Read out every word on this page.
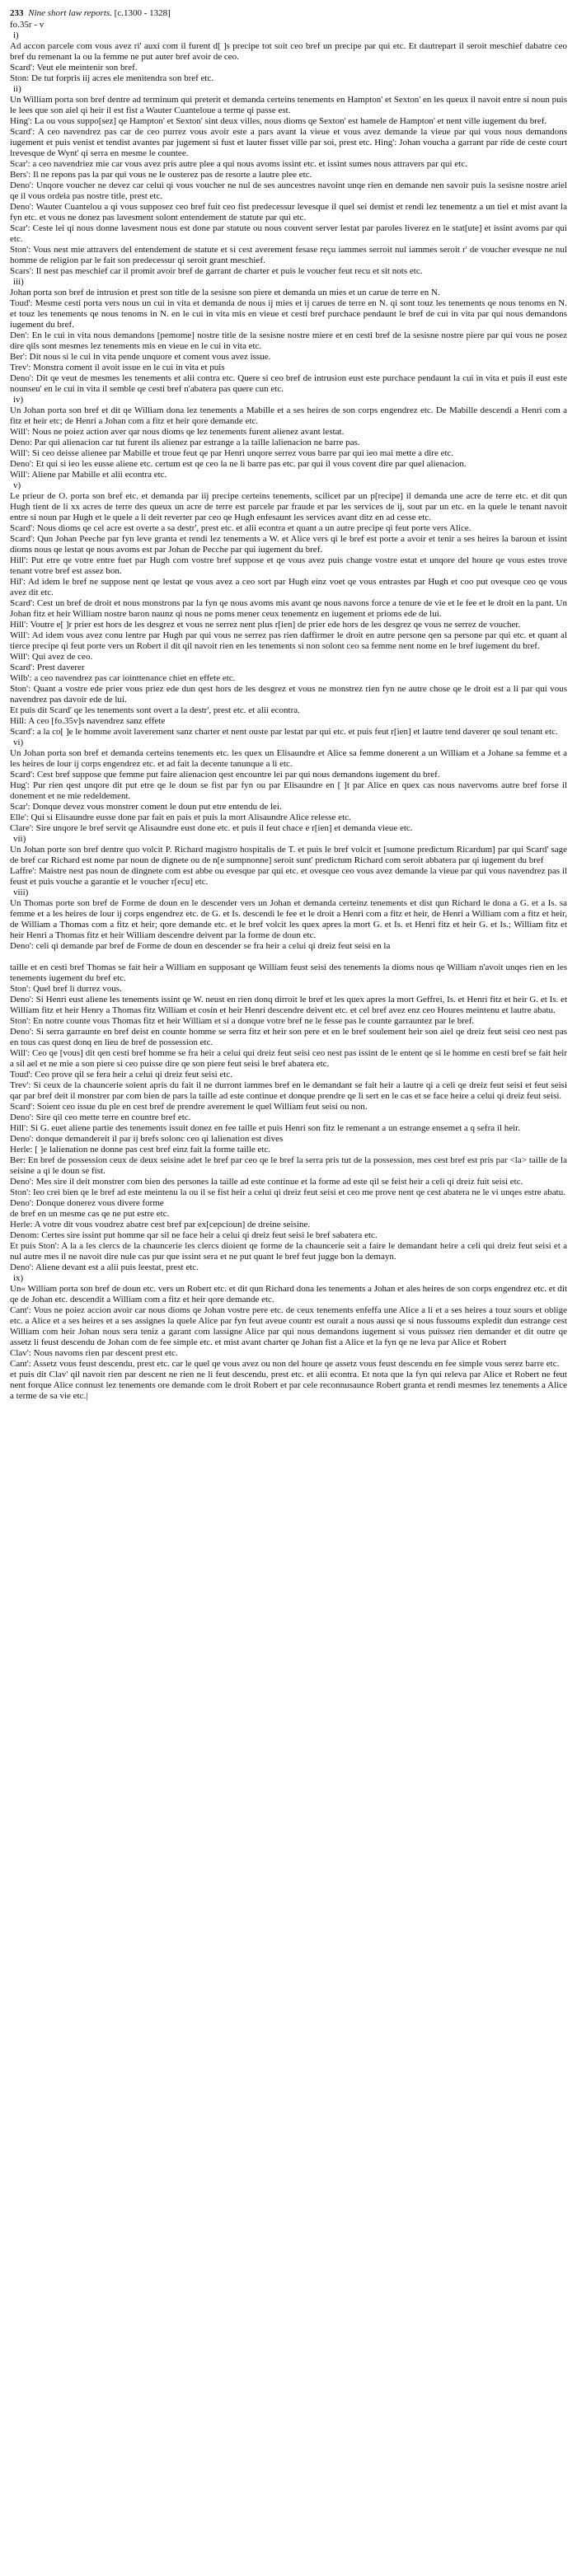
233 Nine short law reports. [c.1300 - 1328]
fo.35r - v
i)

Ad accon parcele com vous avez ri' auxi com il furent d[ ]s precipe tot soit ceo bref un precipe par qui etc. Et dautrepart il seroit meschief dabatre ceo bref du remenant la ou la femme ne put auter bref avoir de ceo.

Scard': Veut ele meintenir son bref.

Ston: De tut forpris iij acres ele menitendra son bref etc.

ii)

Un William porta son bref dentre ad terminum qui preterit et demanda certeins tenements en Hampton' et Sexton' en les queux il navoit entre si noun puis le lees que son aiel qi heir il est fist a Wauter Cuanteloue a terme qi passe est.

Hing': La ou vous suppo[sez] qe Hampton' et Sexton' sint deux villes, nous dioms qe Sexton' est hamele de Hampton' et nent ville iugement du bref.

Scard': A ceo navendrez pas car de ceo purrez vous avoir este a pars avant la vieue et vous avez demande la vieue par qui vous nous demandons iugement et puis venist et tendist avantes par jugement si fust et lauter fisset ville par soi, prest etc. Hing': Johan voucha a garrant par ride de ceste court lrevesque de Wynt' qi serra en mesme le countee.

Scar': a ceo navendriez mie car vous avez pris autre plee a qui nous avoms issint etc. et issint sumes nous attravers par qui etc.

Bers': Il ne repons pas la par qui vous ne le ousterez pas de resorte a lautre plee etc.

Deno': Unqore voucher ne devez car celui qi vous voucher ne nul de ses auncestres navoint unqe rien en demande nen savoir puis la sesisne nostre ariel qe il vous ordeia pas nostre title, prest etc.

Deno': Wauter Cuantelou a qi vous supposez ceo bref fuit ceo fist predecessur levesque il quel sei demist et rendi lez tenementz a un tiel et mist avant la fyn etc. et vous ne donez pas lavesment solont entendement de statute par qui etc.

Scar': Ceste lei qi nous donne lavesment nous est done par statute ou nous couvent server lestat par paroles liverez en le stat[ute] et issint avoms par qui etc.

Ston': Vous nest mie attravers del entendement de statute et si cest averement fesase reçu iammes serroit nul iammes seroit r' de voucher evesque ne nul homme de religion par le fait son predecessur qi seroit grant meschief.

Scars': Il nest pas meschief car il promit avoir bref de garrant de charter et puis le voucher feut recu et sit nots etc.

iii)

Johan porta son bref de intrusion et prest son title de la sesisne son piere et demanda un mies et un carue de terre en N.

Toud': Mesme cesti porta vers nous un cui in vita et demanda de nous ij mies et ij carues de terre en N. qi sont touz les tenements qe nous tenoms en N. et touz les tenements qe nous tenoms in N. en le cui in vita mis en vieue et cesti bref purchace pendaunt le bref de cui in vita par qui nous demandons iugement du bref.

Den': En le cui in vita nous demandons [pemome] nostre title de la sesisne nostre miere et en cesti bref de la sesisne nostre piere par qui vous ne posez dire qils sont mesmes lez tenements mis en vieue en le cui in vita etc.

Ber': Dit nous si le cui in vita pende unquore et coment vous avez issue.

Trev': Monstra coment il avoit issue en le cui in vita et puis

Deno': Dit qe veut de mesmes les tenements et alii contra etc. Quere si ceo bref de intrusion eust este purchace pendaunt la cui in vita et puis il eust este nounseu' en le cui in vita il semble qe cesti bref n'abatera pas quere cun etc.

iv)

Un Johan porta son bref et dit qe William dona lez tenements a Mabille et a ses heires de son corps engendrez etc. De Mabille descendi a Henri com a fitz et heir etc; de Henri a Johan com a fitz et heir qore demande etc.

Will': Nous ne poiez action aver qar nous dioms qe lez tenements furent alienez avant lestat.

Deno: Par qui alienacion car tut furent ils alienez par estrange a la taille lalienacion ne barre pas.

Will': Si ceo deisse alienee par Mabille et troue feut qe par Henri unqore serrez vous barre par qui ieo mai mette a dire etc.

Deno': Et qui si ieo les eusse aliene etc. certum est qe ceo la ne li barre pas etc. par qui il vous covent dire par quel alienacion.

Will': Aliene par Mabille et alii econtra etc.

v)

Le prieur de O. porta son bref etc. et demanda par iij precipe certeins tenements, scilicet par un p[recipe] il demanda une acre de terre etc. et dit qun Hugh tient de li xx acres de terre des queux un acre de terre est parcele par fraude et par les services de ij, sout par un etc. en la quele le tenant navoit entre si noun par Hugh et le quele a li deit reverter par ceo qe Hugh enfesaunt les services avant ditz en ad cesse etc.

Scard': Nous dioms qe cel acre est overte a sa destr', prest etc. et alii econtra et quant a un autre precipe qi feut porte vers Alice.

Scard': Qun Johan Peeche par fyn leve granta et rendi lez tenements a W. et Alice vers qi le bref est porte a avoir et tenir a ses heires la baroun et issint dioms nous qe lestat qe nous avoms est par Johan de Pecche par qui iugement du bref.

Hill': Put etre qe votre entre fuet par Hugh com vostre bref suppose et qe vous avez puis change vostre estat et unqore del houre qe vous estes trove tenant votre bref est assez bon.

Hil': Ad idem le bref ne suppose nent qe lestat qe vous avez a ceo sort par Hugh einz voet qe vous entrastes par Hugh et coo put ovesque ceo qe vous avez dit etc.

Scard': Cest un bref de droit et nous monstrons par la fyn qe nous avoms mis avant qe nous navons force a tenure de vie et le fee et le droit en la pant. Un Johan fitz et heir William nostre baron naunz qi nous ne poms mener ceux tenementz en iugement et prioms ede de lui.

Hill': Voutre e[ ]r prier est hors de les desgrez et vous ne serrez nent plus r[ien] de prier ede hors de les desgrez qe vous ne serrez de voucher.

Will': Ad idem vous avez conu lentre par Hugh par qui vous ne serrez pas rien daffirmer le droit en autre persone qen sa persone par qui etc. et quant al tierce precipe qi feut porte vers un Robert il dit qil navoit rien en les tenements si non solont ceo sa femme nent nome en le bref iugement du bref.

Will': Qui avez de ceo.

Scard': Prest daverer

Wilb': a ceo navendrez pas car iointtenance chiet en effete etc.

Ston': Quant a vostre ede prier vous priez ede dun qest hors de les desgrez et vous ne monstrez rien fyn ne autre chose qe le droit est a li par qui vous navendrez pas davoir ede de lui.

Et puis dit Scard' qe les tenements sont overt a la destr', prest etc. et alii econtra.

Hill: A ceo [fo.35v]s navendrez sanz effete

Scard': a la co[ ]e le homme avoit laverement sanz charter et nent ouste par lestat par qui etc. et puis feut r[ien] et lautre tend daverer qe soul tenant etc.

vi)

Un Johan porta son bref et demanda certeins tenements etc. les quex un Elisaundre et Alice sa femme donerent a un William et a Johane sa femme et a les heires de lour ij corps engendrez etc. et ad fait la decente tanunque a li etc.

Scard': Cest bref suppose que femme put faire alienacion qest encountre lei par qui nous demandons iugement du bref.

Hug': Pur rien qest unqore dit put etre qe le doun se fist par fyn ou par Elisaundre en [ ]t par Alice en quex cas nous navervoms autre bref forse il donement et ne mie redeldement.

Scar': Donque devez vous monstrer coment le doun put etre entendu de lei.

Elle': Qui si Elisaundre eusse done par fait en pais et puis la mort Alisaundre Alice relesse etc.

Clare': Sire unqore le bref servit qe Alisaundre eust done etc. et puis il feut chace e r[ien] et demanda vieue etc.

vii)

Un Johan porte son bref dentre quo volcit P. Richard magistro hospitalis de T. et puis le bref volcit et [sumone predictum Ricardum] par qui Scard' sage de bref car Richard est nome par noun de dignete ou de n[e sumpnonne] seroit sunt' predictum Richard com seroit abbatera par qi iugement du bref

Laffre': Maistre nest pas noun de dingnete com est abbe ou evesque par qui etc. et ovesque ceo vous avez demande la vieue par qui vous navendrez pas il feust et puis vouche a garantie et le voucher r[ecu] etc.

viii)

Un Thomas porte son bref de Forme de doun en le descender vers un Johan et demanda certeinz tenements et dist qun Richard le dona a G. et a Is. sa femme et a les heires de lour ij corps engendrez etc. de G. et Is. descendi le fee et le droit a Henri com a fitz et heir, de Henri a William com a fitz et heir, de William a Thomas com a fitz et heir; qore demande etc. et le bref volcit les quex apres la mort G. et Is. et Henri fitz et heir G. et Is.; William fitz et heir Henri a Thomas fitz et heir William descendre deivent par la forme de doun etc.

Deno': celi qi demande par bref de Forme de doun en descender se fra heir a celui qi dreiz feut seisi en la

taille et en cesti bref Thomas se fait heir a William en supposant qe William feust seisi des tenements la dioms nous qe William n'avoit unqes rien en les tenements iugement du bref etc.

Ston': Quel bref li durrez vous.

Deno': Si Henri eust aliene les tenements issint qe W. neust en rien donq dirroit le bref et les quex apres la mort Geffrei, Is. et Henri fitz et heir G. et Is. et William fitz et heir Henry a Thomas fitz William et cosin et heir Henri descendre deivent etc. et cel bref avez enz ceo Houres meintenu et lautre abatu.

Ston': En notre counte vous Thomas fitz et heir William et si a donque votre bref ne le fesse pas le counte garrauntez par le bref.

Deno': Si serra garraunte en bref deist en counte homme se serra fitz et heir son pere et en le bref soulement heir son aiel qe dreiz feut seisi ceo nest pas en tous cas quest donq en lieu de bref de possession etc.

Will': Ceo qe [vous] dit qen cesti bref homme se fra heir a celui qui dreiz feut seisi ceo nest pas issint de le entent qe si le homme en cesti bref se fait heir a sil ael et ne mie a son piere si ceo puisse dire qe son piere feut seisi le bref abatera etc.

Toud': Ceo prove qil se fera heir a celui qi dreiz feut seisi etc.

Trev': Si ceux de la chauncerie soient apris du fait il ne durront iammes bref en le demandant se fait heir a lautre qi a celi qe dreiz feut seisi et feut seisi qar par bref deit il monstrer par com bien de pars la taille ad este continue et donque prendre qe li sert en le cas et se face heire a celui qi dreiz feut seisi.

Scard': Soient ceo issue du ple en cest bref de prendre averement le quel William feut seisi ou non.

Deno': Sire qil ceo mette terre en countre bref etc.

Hill': Si G. euet aliene partie des tenements issuit donez en fee taille et puis Henri son fitz le remenant a un estrange ensemet a q sefra il heir.

Deno': donque demandereit il par ij brefs solonc ceo qi lalienation est dives

Herle: [ ]e lalienation ne donne pas cest bref einz fait la forme taille etc.

Ber: En bref de possession ceux de deux seisine adet le bref par ceo qe le bref la serra pris tut de la possession, mes cest bref est pris par <la> taille de la seisine a qi le doun se fist.

Deno': Mes sire il deit monstrer com bien des persones la taille ad este continue et la forme ad este qil se feist heir a celi qi dreiz fuit seisi etc.

Ston': Ieo crei bien qe le bref ad este meintenu la ou il se fist heir a celui qi dreiz feut seisi et ceo me prove nent qe cest abatera ne le vi unqes estre abatu.

Deno': Donque donerez vous divere forme

de bref en un mesme cas qe ne put estre etc.

Herle: A votre dit vous voudrez abatre cest bref par ex[cepcioun] de dreine seisine.

Denom: Certes sire issint put homme qar sil ne face heir a celui qi dreiz feut seisi le bref sabatera etc.

Et puis Ston': A la a les clercs de la chauncerie les clercs dioient qe forme de la chauncerie seit a faire le demandant heire a celi qui dreiz feut seisi et a nul autre mes il ne navoit dire nule cas pur que issint sera et ne put quant le bref feut jugge bon la demayn.

Deno': Aliene devant est a alii puis leestat, prest etc.

ix)

Un« William porta son bref de doun etc. vers un Robert etc. et dit qun Richard dona les tenements a Johan et ales heires de son corps engendrez etc. et dit qe de Johan etc. descendit a William com a fitz et heir qore demande etc.

Cant': Vous ne poiez accion avoir car nous dioms qe Johan vostre pere etc. de ceux tenements enfeffa une Alice a li et a ses heires a touz sours et oblige etc. a Alice et a ses heires et a ses assignes la quele Alice par fyn feut aveue countr est ourait a nous aussi qe si nous fussoums expledit dun estrange cest William com heir Johan nous sera teniz a garant com lassigne Alice par qui nous demandons iugement si vous puissez rien demander et dit outre qe assetz li feust descendu de Johan com de fee simple etc. et mist avant charter qe Johan fist a Alice et la fyn qe ne leva par Alice et Robert

Clav': Nous navoms rien par descent prest etc.

Cant': Assetz vous feust descendu, prest etc. car le quel qe vous avez ou non del houre qe assetz vous feust descendu en fee simple vous serez barre etc.

et puis dit Clav' qil navoit rien par descent ne rien ne li feut descendu, prest etc. et alii econtra. Et nota que la fyn qui releva par Alice et Robert ne feut nent forque Alice connust lez tenements ore demande com le droit Robert et par cele reconnusaunce Robert granta et rendi mesmes lez tenements a Alice a terme de sa vie etc.|
